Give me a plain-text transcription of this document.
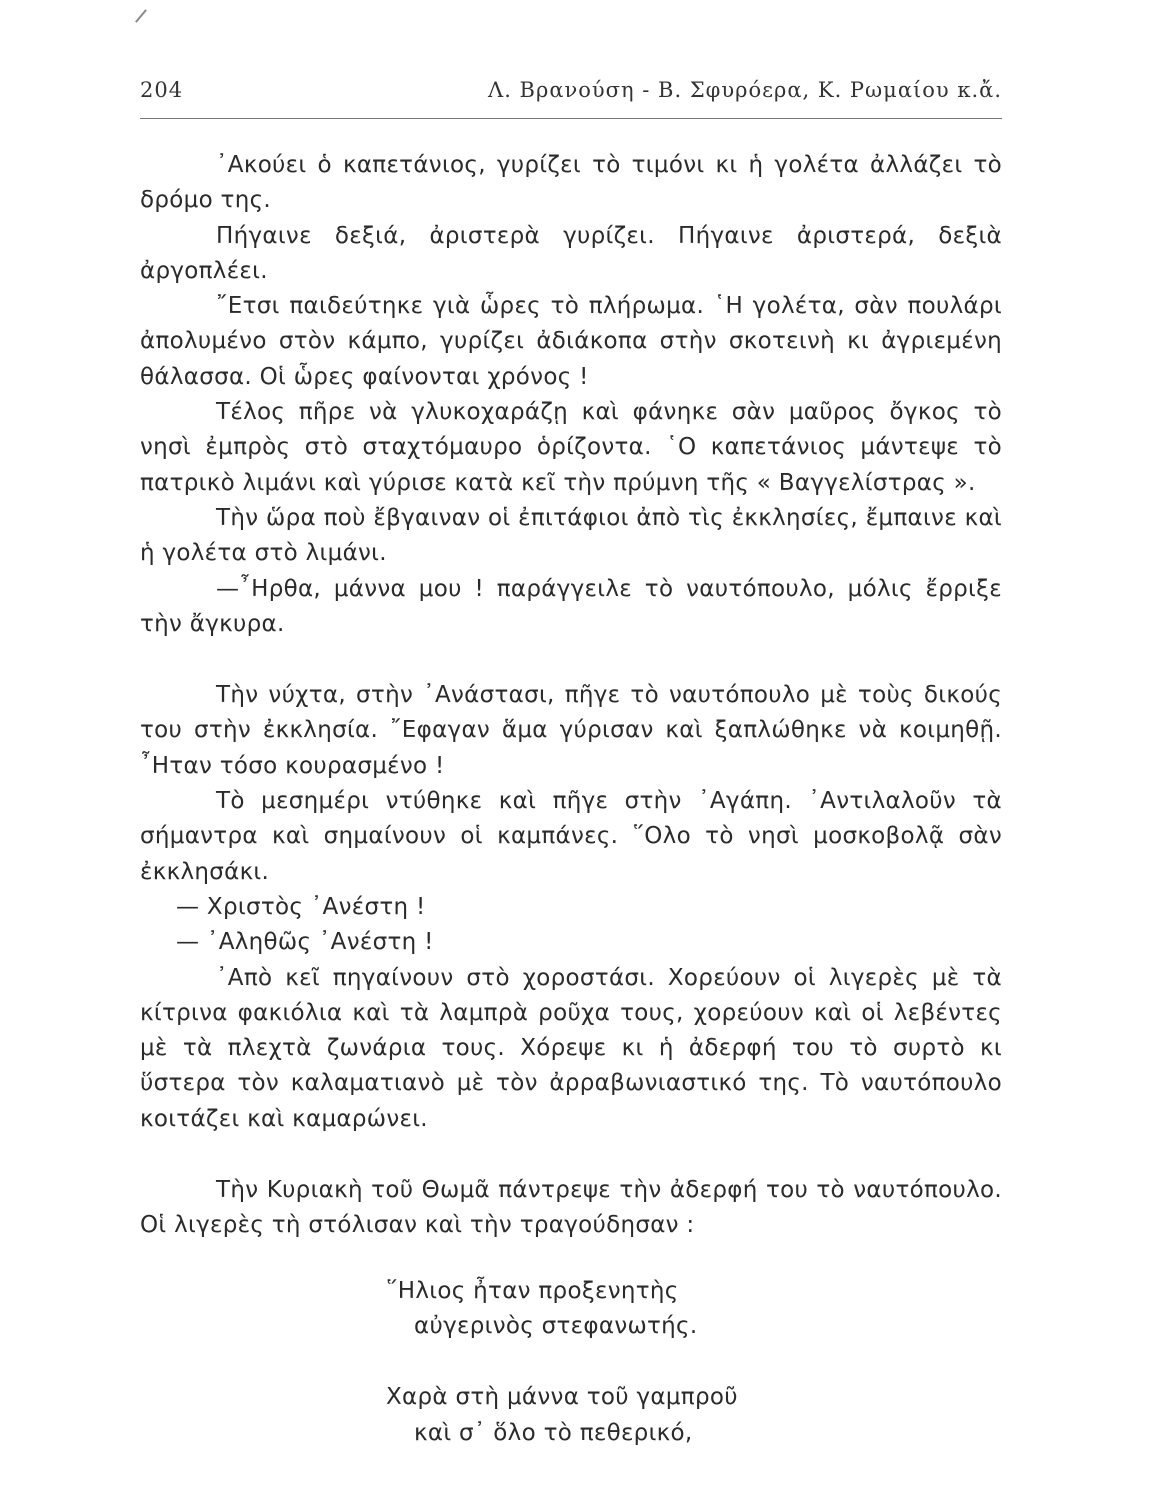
204	Λ. Βρανούση - Β. Σφυρόερα, Κ. Ρωμαίου κ.ἄ.

᾿Ακούει ὁ καπετάνιος, γυρίζει τὸ τιμόνι κι ἡ γολέτα ἀλλάζει τὸ δρόμο της.

Πήγαινε δεξιά, ἀριστερὰ γυρίζει. Πήγαινε ἀριστερά, δεξιὰ ἀργοπλέει.

῎Ετσι παιδεύτηκε γιὰ ὧρες τὸ πλήρωμα. ῾Η γολέτα, σὰν πουλάρι ἀπολυμένο στὸν κάμπο, γυρίζει ἀδιάκοπα στὴν σκοτεινὴ κι ἀγριεμένη θάλασσα. Οἱ ὧρες φαίνονται χρόνος !

Τέλος πῆρε νὰ γλυκοχαράζῃ καὶ φάνηκε σὰν μαῦρος ὄγκος τὸ νησὶ ἐμπρὸς στὸ σταχτόμαυρο ὁρίζοντα. ῾Ο καπετάνιος μάντεψε τὸ πατρικὸ λιμάνι καὶ γύρισε κατὰ κεῖ τὴν πρύμνη τῆς « Βαγγελίστρας ».

Τὴν ὥρα ποὺ ἔβγαιναν οἱ ἐπιτάφιοι ἀπὸ τὶς ἐκκλησίες, ἔμπαινε καὶ ἡ γολέτα στὸ λιμάνι.

—῏Ηρθα, μάννα μου ! παράγγειλε τὸ ναυτόπουλο, μόλις ἔρριξε τὴν ἄγκυρα.

Τὴν νύχτα, στὴν ᾿Ανάστασι, πῆγε τὸ ναυτόπουλο μὲ τοὺς δικούς του στὴν ἐκκλησία. ῎Εφαγαν ἅμα γύρισαν καὶ ξαπλώθηκε νὰ κοιμηθῇ. ῏Ηταν τόσο κουρασμένο !

Τὸ μεσημέρι ντύθηκε καὶ πῆγε στὴν ᾿Αγάπη. ᾿Αντιλαλοῦν τὰ σήμαντρα καὶ σημαίνουν οἱ καμπάνες. ῞Ολο τὸ νησὶ μοσκοβολᾷ σὰν ἐκκλησάκι.

— Χριστὸς ᾿Ανέστη !

— ᾿Αληθῶς ᾿Ανέστη !

᾿Απὸ κεῖ πηγαίνουν στὸ χοροστάσι. Χορεύουν οἱ λιγερὲς μὲ τὰ κίτρινα φακιόλια καὶ τὰ λαμπρὰ ροῦχα τους, χορεύουν καὶ οἱ λεβέντες μὲ τὰ πλεχτὰ ζωνάρια τους. Χόρεψε κι ἡ ἀδερφή του τὸ συρτὸ κι ὕστερα τὸν καλαματιανὸ μὲ τὸν ἀρραβωνιαστικό της. Τὸ ναυτόπουλο κοιτάζει καὶ καμαρώνει.

Τὴν Κυριακὴ τοῦ Θωμᾶ πάντρεψε τὴν ἀδερφή του τὸ ναυτόπουλο. Οἱ λιγερὲς τὴ στόλισαν καὶ τὴν τραγούδησαν :

῞Ηλιος ἦταν προξενητὴς

αὐγερινὸς στεφανωτής.

Χαρὰ στὴ μάννα τοῦ γαμπροῦ

καὶ σ᾿ ὅλο τὸ πεθερικό,
